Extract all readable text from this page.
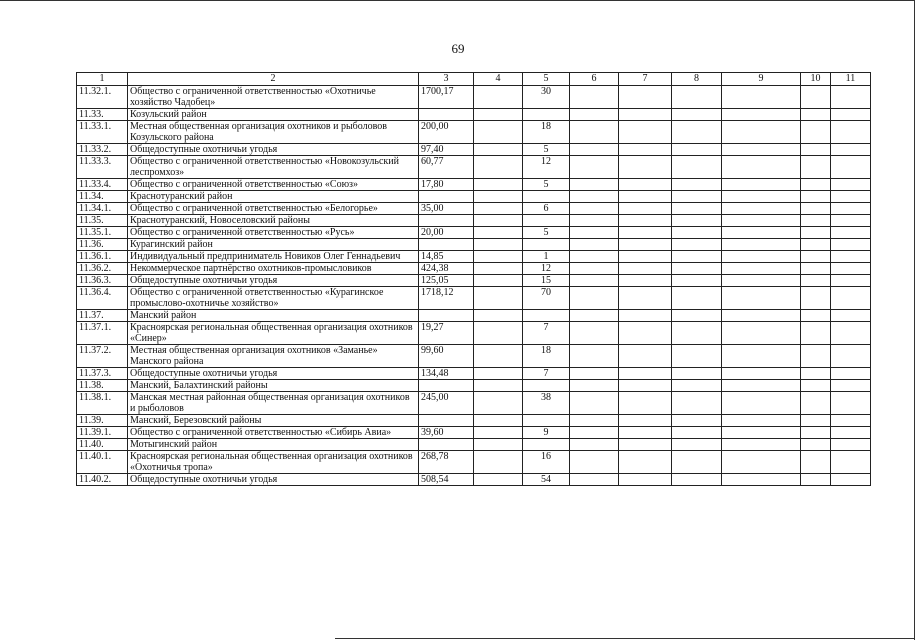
69
1	2	3	4	5	6	7	8	9	10	11
11.32.1.	Общество с ограниченной ответственностью «Охотничье хозяйство Чадобец»	1700,17		30						
11.33.	Козульский район									
11.33.1.	Местная общественная организация охотников и рыболовов Козульского района	200,00		18						
11.33.2.	Общедоступные охотничьи угодья	97,40		5						
11.33.3.	Общество с ограниченной ответственностью «Новокозульский леспромхоз»	60,77		12						
11.33.4.	Общество с ограниченной ответственностью «Союз»	17,80		5						
11.34.	Краснотуранский район									
11.34.1.	Общество с ограниченной ответственностью «Белогорье»	35,00		6						
11.35.	Краснотуранский, Новоселовский районы									
11.35.1.	Общество с ограниченной ответственностью «Русь»	20,00		5						
11.36.	Курагинский район									
11.36.1.	Индивидуальный предприниматель Новиков Олег Геннадьевич	14,85		1						
11.36.2.	Некоммерческое партнёрство охотников-промысловиков	424,38		12						
11.36.3.	Общедоступные охотничьи угодья	125,05		15						
11.36.4.	Общество с ограниченной ответственностью «Курагинское промыслово-охотничье хозяйство»	1718,12		70						
11.37.	Манский район									
11.37.1.	Красноярская региональная общественная организация охотников «Синер»	19,27		7						
11.37.2.	Местная общественная организация охотников «Заманье» Манского района	99,60		18						
11.37.3.	Общедоступные охотничьи угодья	134,48		7						
11.38.	Манский, Балахтинский районы									
11.38.1.	Манская местная районная общественная организация охотников и рыболовов	245,00		38						
11.39.	Манский, Березовский районы									
11.39.1.	Общество с ограниченной ответственностью «Сибирь Авиа»	39,60		9						
11.40.	Мотыгинский район									
11.40.1.	Красноярская региональная общественная организация охотников «Охотничья тропа»	268,78		16						
11.40.2.	Общедоступные охотничьи угодья	508,54		54						
